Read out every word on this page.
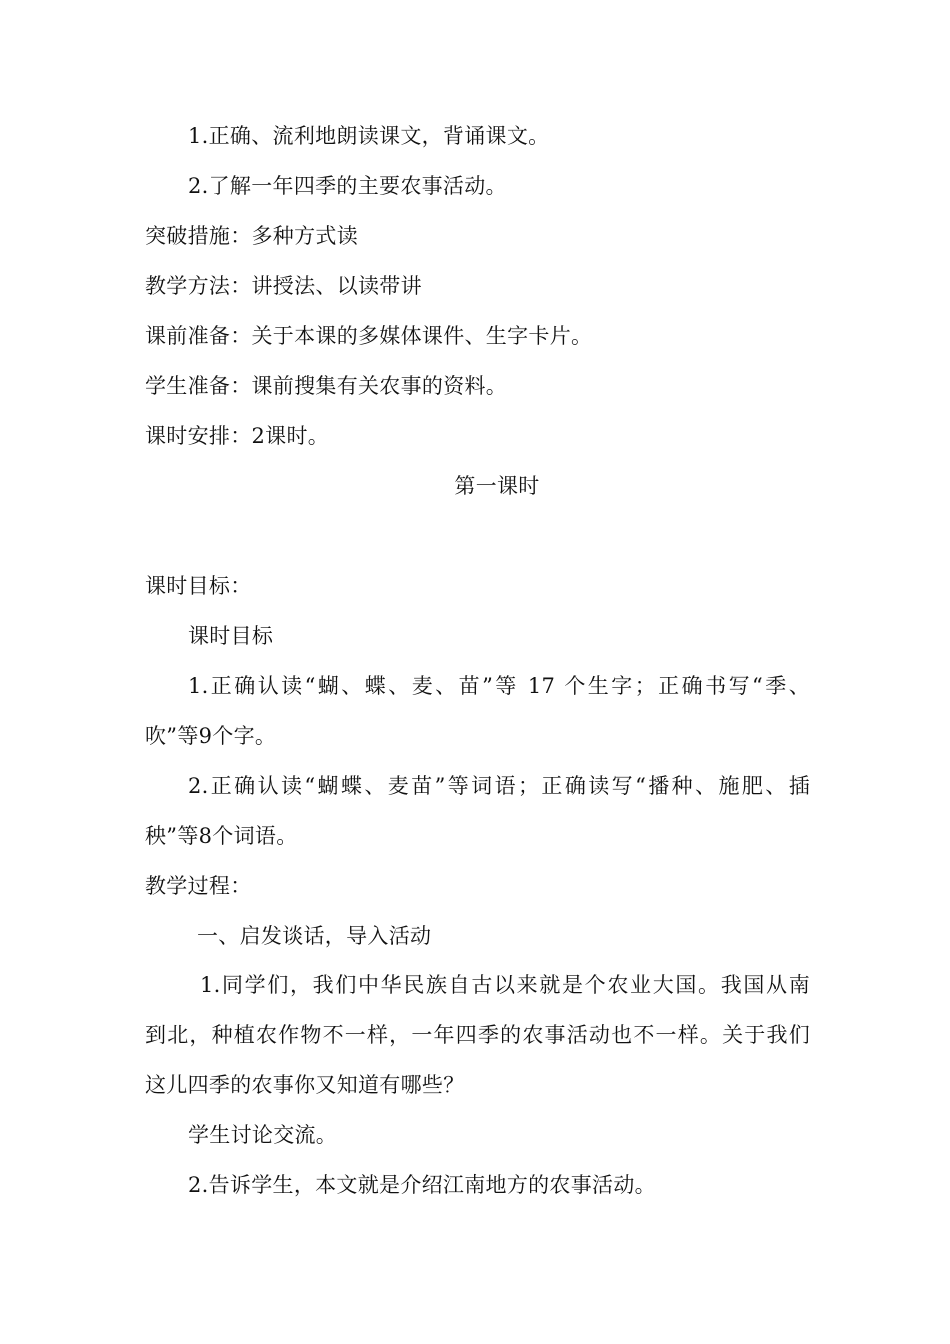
1.正确、流利地朗读课文，背诵课文。
2.了解一年四季的主要农事活动。
突破措施：多种方式读
教学方法：讲授法、以读带讲
课前准备：关于本课的多媒体课件、生字卡片。
学生准备：课前搜集有关农事的资料。
课时安排：2课时。
第一课时
课时目标：
课时目标
1.正确认读“蝴、蝶、麦、苗”等 17 个生字；正确书写“季、
吹”等9个字。
2.正确认读“蝴蝶、麦苗”等词语；正确读写“播种、施肥、插
秧”等8个词语。
教学过程：
一、启发谈话，导入活动
1.同学们，我们中华民族自古以来就是个农业大国。我国从南
到北，种植农作物不一样，一年四季的农事活动也不一样。关于我们
这儿四季的农事你又知道有哪些？
学生讨论交流。
2.告诉学生，本文就是介绍江南地方的农事活动。
